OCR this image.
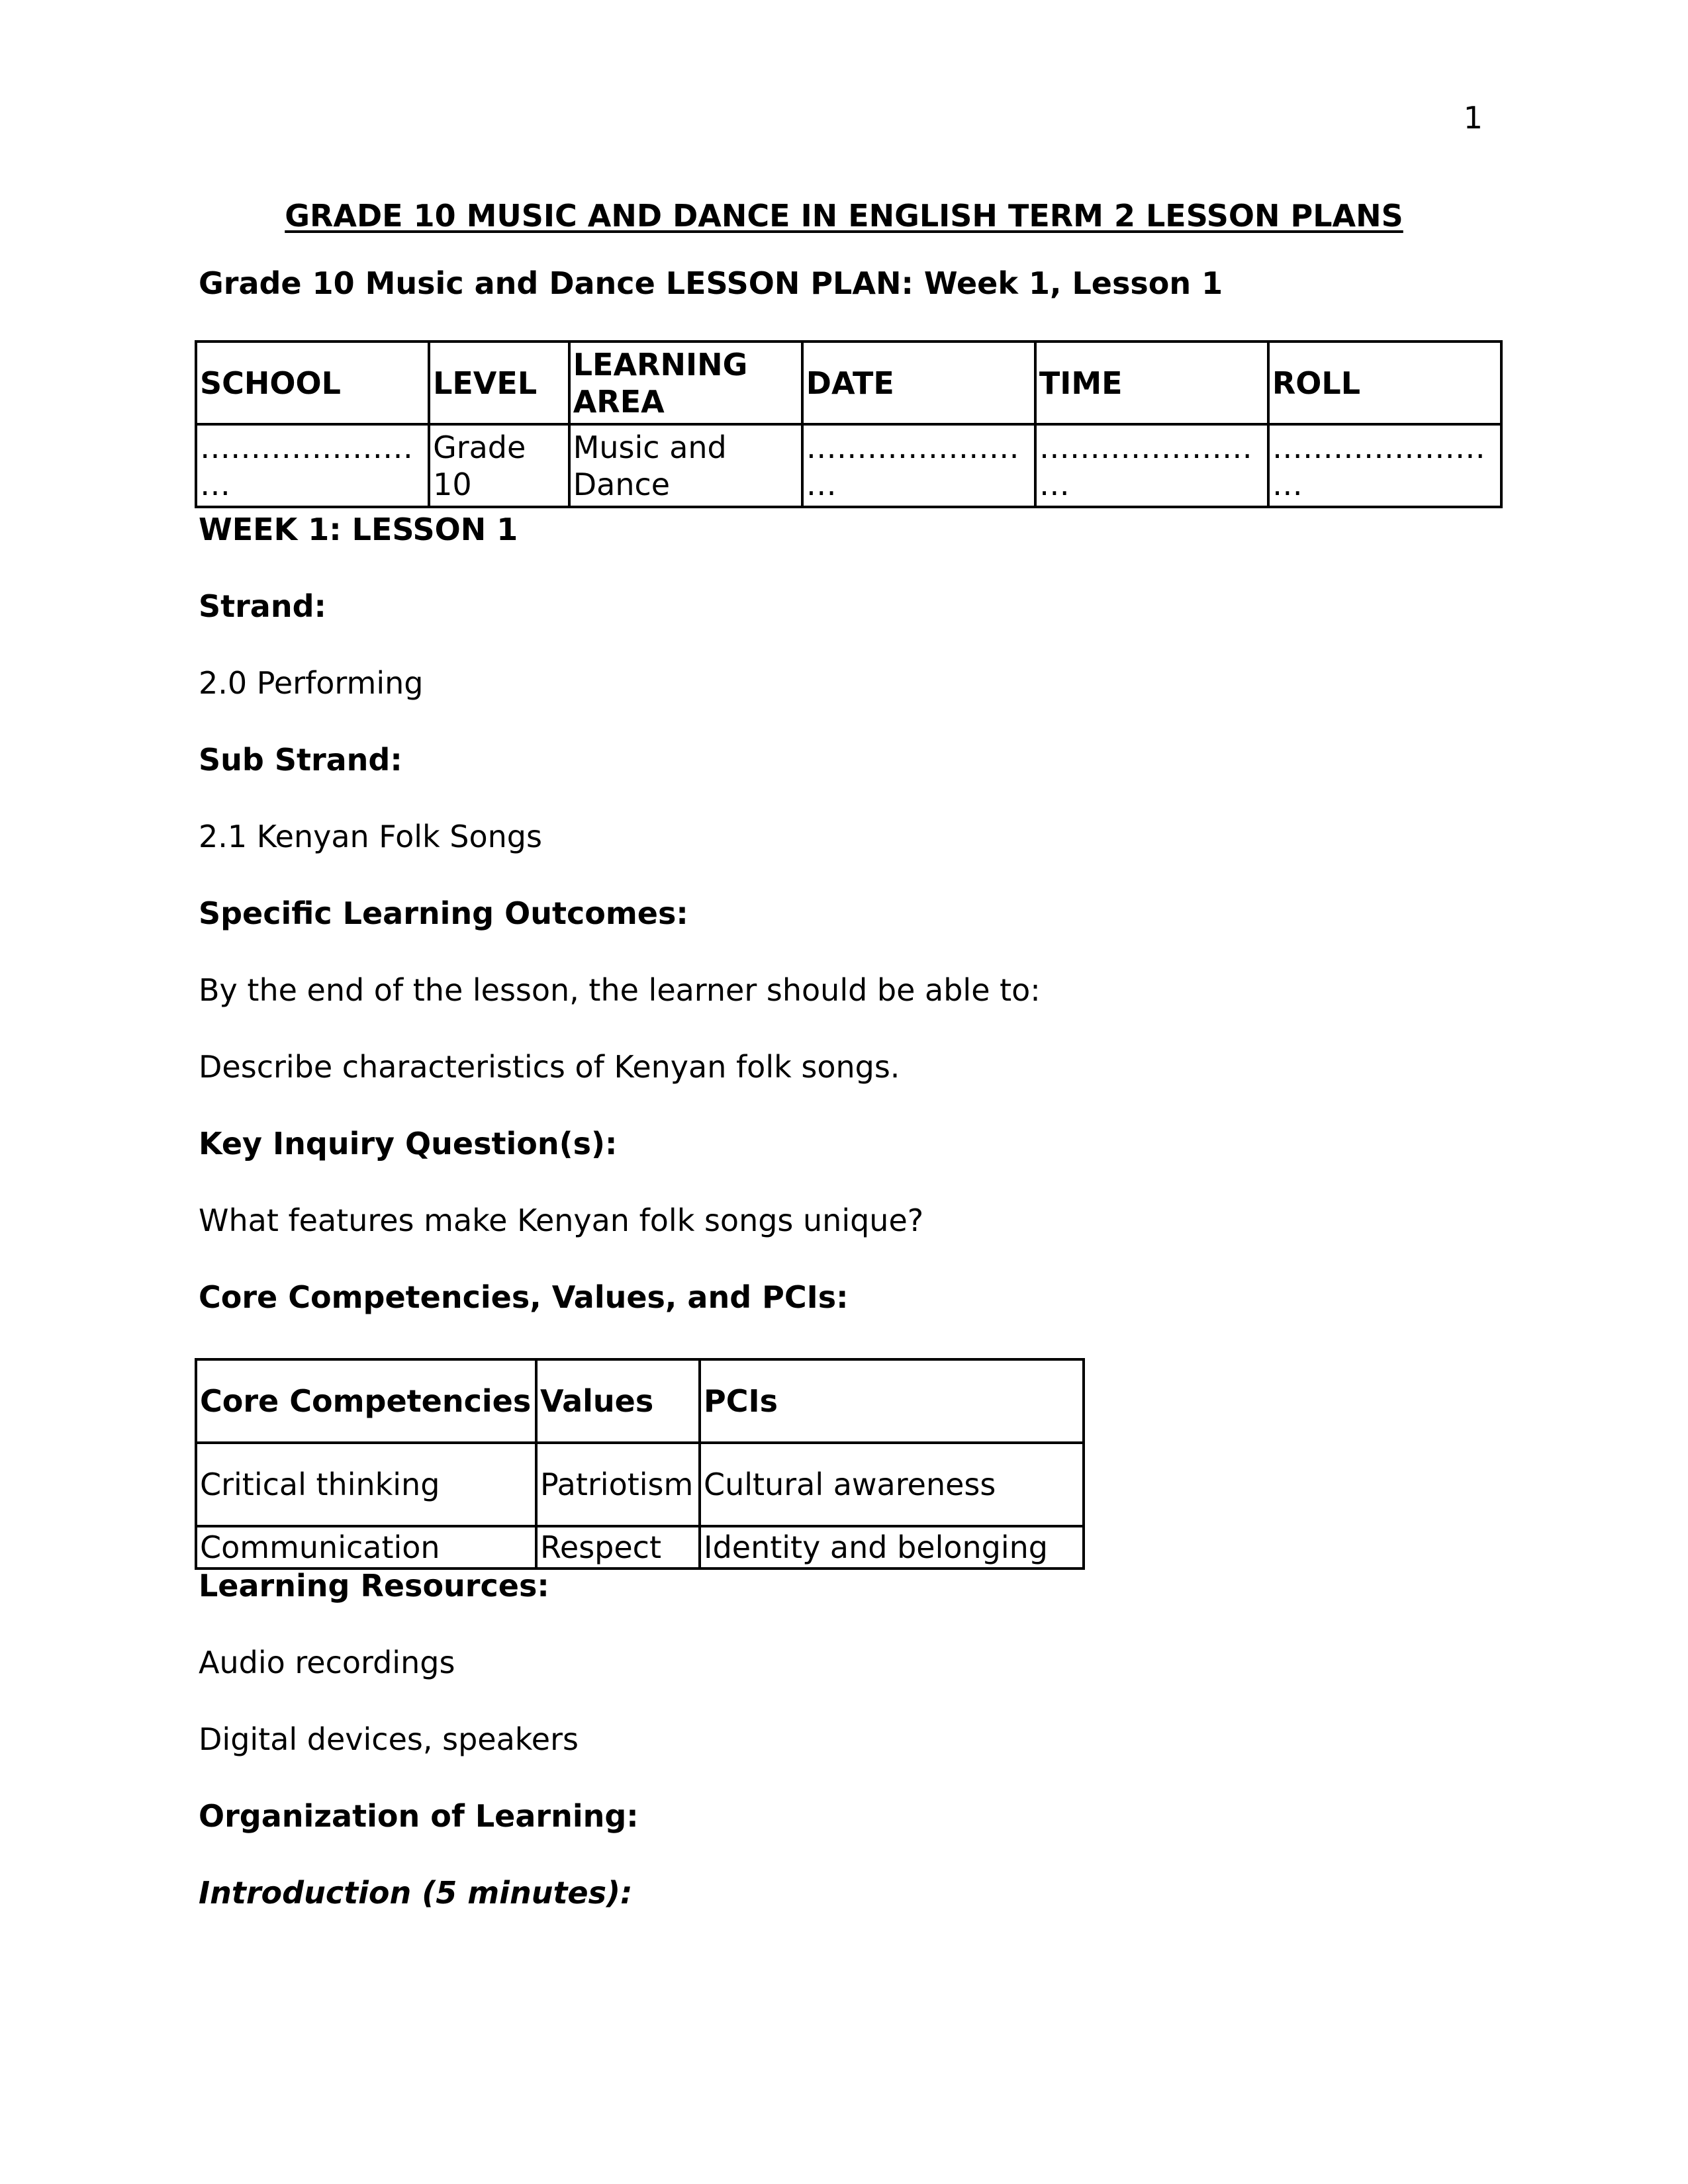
1
GRADE 10 MUSIC AND DANCE IN ENGLISH TERM 2 LESSON PLANS
Grade 10 Music and Dance LESSON PLAN: Week 1, Lesson 1
SCHOOL	LEVEL	LEARNING AREA	DATE	TIME	ROLL
……………………	Grade 10	Music and Dance	……………………	……………………	……………………
WEEK 1: LESSON 1
Strand:
2.0 Performing
Sub Strand:
2.1 Kenyan Folk Songs
Specific Learning Outcomes:
By the end of the lesson, the learner should be able to:
Describe characteristics of Kenyan folk songs.
Key Inquiry Question(s):
What features make Kenyan folk songs unique?
Core Competencies, Values, and PCIs:
Core Competencies	Values	PCIs
Critical thinking	Patriotism	Cultural awareness
Communication	Respect	Identity and belonging
Learning Resources:
Audio recordings
Digital devices, speakers
Organization of Learning:
Introduction (5 minutes):
